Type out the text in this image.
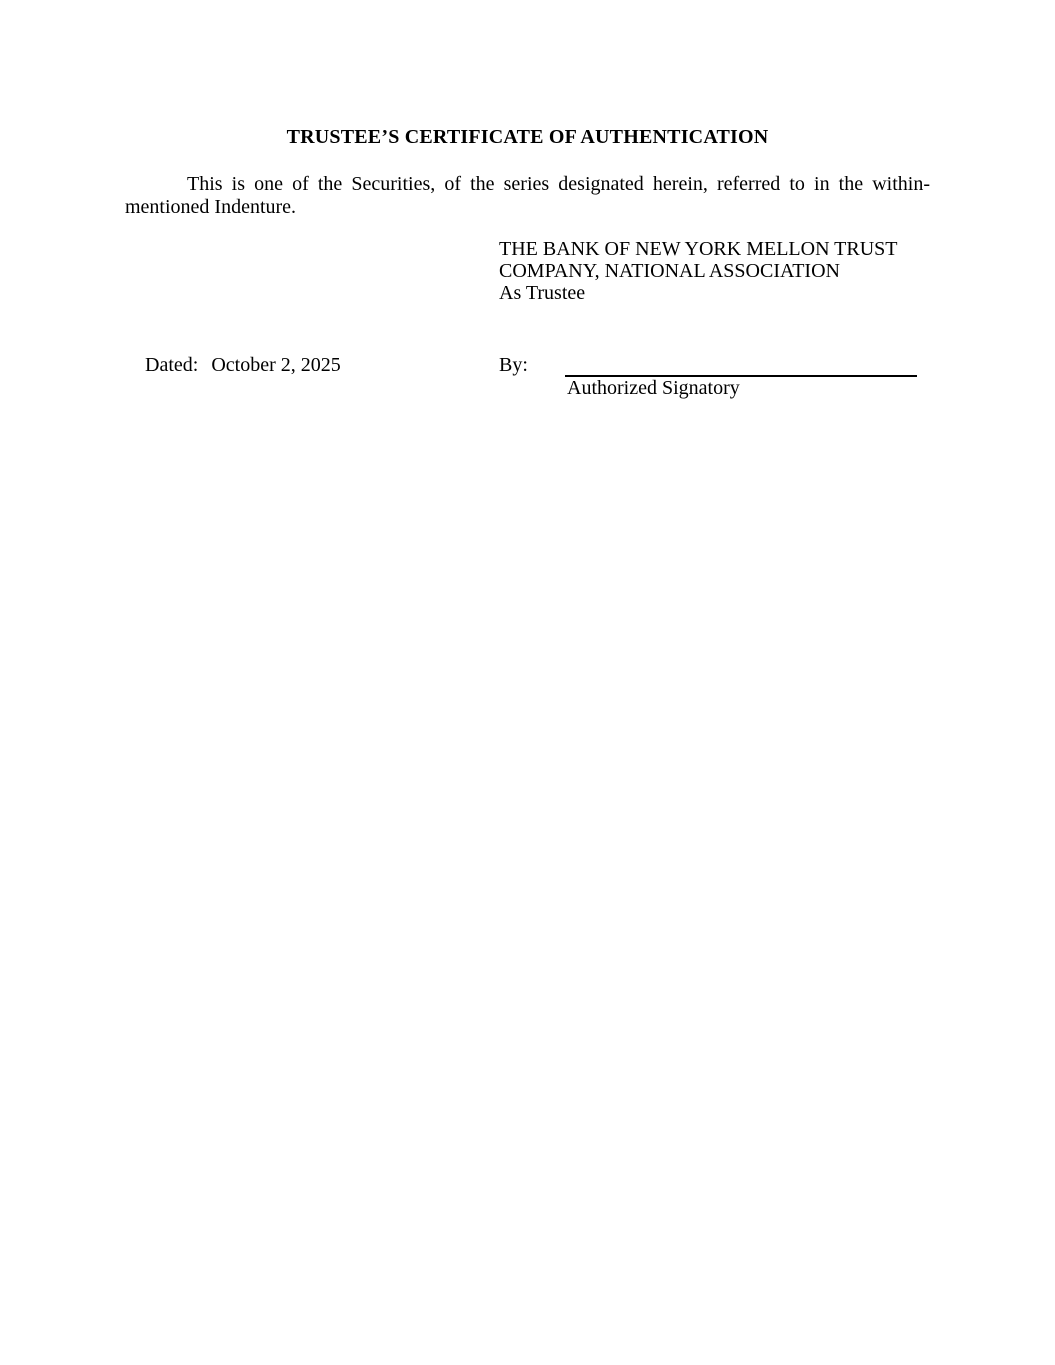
TRUSTEE’S CERTIFICATE OF AUTHENTICATION
This is one of the Securities, of the series designated herein, referred to in the within-
mentioned Indenture.
THE BANK OF NEW YORK MELLON TRUST
COMPANY, NATIONAL ASSOCIATION
As Trustee

Dated: October 2, 2025
	By:
Authorized Signatory
